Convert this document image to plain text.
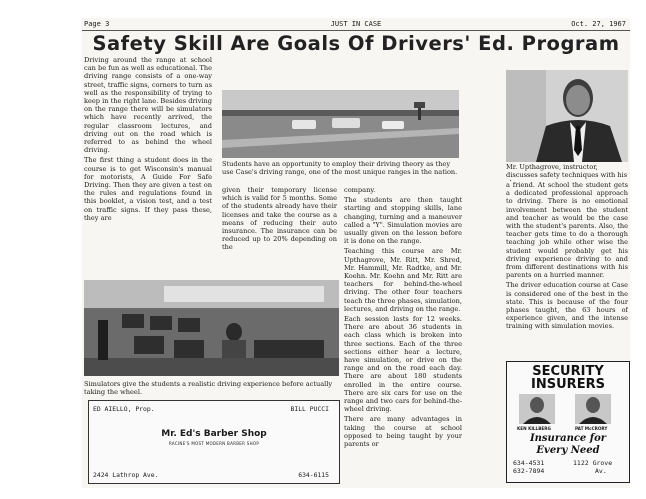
Page 3	JUST IN CASE	Oct. 27, 1967
Safety Skill Are Goals Of Drivers' Ed. Program

Driving around the range at school can be fun as well as educational. The driving range consists of a one-way street, traffic signs, corners to turn as well as the responsibility of trying to keep in the right lane. Besides driving on the range there will be simulators which have recently arrived, the regular classroom lectures, and driving out on the road which is referred to as behind the wheel driving.

The first thing a student does in the course is to get Wisconsin's manual for motorists, A Guide For Safe Driving. Then they are given a test on the rules and regulations found in this booklet, a vision test, and a test on traffic signs. If they pass these, they are

Students have an opportunity to employ their driving theory as they use Case's driving range, one of the most unique ranges in the nation.
given their temporary license which is valid for 5 months. Some of the students already have their licenses and take the course as a means of reducing their auto insurance. The insurance can be reduced up to 20% depending on the

company.

The students are then taught starting and stopping skills, lane changing, turning and a maneuver called a "Y". Simulation movies are usually given on the lesson before it is done on the range.

Teaching this course are Mr. Upthagrove, Mr. Ritt, Mr. Shred, Mr. Hammill, Mr. Radtke, and Mr. Koehn. Mr. Koehn and Mr. Ritt are teachers for behind-the-wheel driving. The other four teachers teach the three phases, simulation, lectures, and driving on the range.

Each session lasts for 12 weeks. There are about 36 students in each class which is broken into three sections. Each of the three sections either hear a lecture, have simulation, or drive on the range and on the road each day. There are about 180 students enrolled in the entire course. There are six cars for use on the range and two cars for behind-the-wheel driving.

There are many advantages in taking the course at school opposed to being taught by your parents or

Mr. Upthagrove, instructor, discusses safety techniques with his

a friend. At school the student gets a dedicated professional approach to driving. There is no emotional involvement between the student and teacher as would be the case with the student's parents. Also, the teacher gets time to do a thorough teaching job while other wise the student would probably get his driving experience driving to and from different destinations with his parents on a hurried manner.

The driver education course at Case is considered one of the best in the state. This is because of the four phases taught, the 63 hours of experience given, and the intense training with simulation movies.

Simulators give the students a realistic driving experience before actually taking the wheel.
ED AIELLO, Prop.	BILL PUCCI
Mr. Ed's Barber Shop
RACINE'S MOST MODERN BARBER SHOP
2424 Lathrop Ave.	634-6115
SECURITY
INSURERS
KEN KILLBERG	PAT McCRORY
Insurance for
Every Need
634-4531
632-7894
1122 Grove
Av.
